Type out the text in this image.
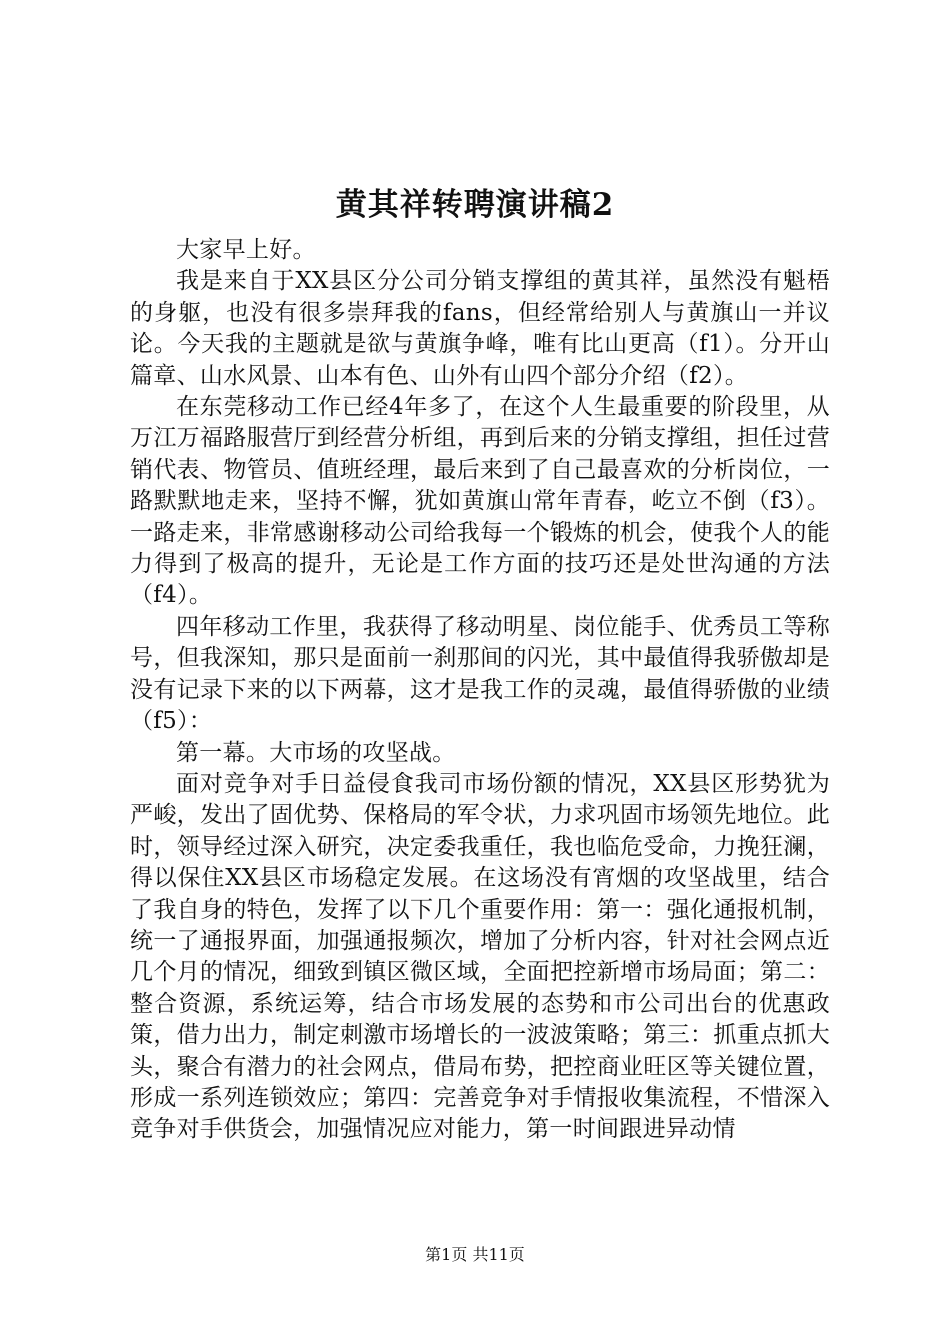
黄其祥转聘演讲稿2

大家早上好。

我是来自于XX县区分公司分销支撑组的黄其祥，虽然没有魁梧的身躯，也没有很多崇拜我的fans，但经常给别人与黄旗山一并议论。今天我的主题就是欲与黄旗争峰，唯有比山更高（f1）。分开山篇章、山水风景、山本有色、山外有山四个部分介绍（f2）。

在东莞移动工作已经4年多了，在这个人生最重要的阶段里，从万江万福路服营厅到经营分析组，再到后来的分销支撑组，担任过营销代表、物管员、值班经理，最后来到了自己最喜欢的分析岗位，一路默默地走来，坚持不懈，犹如黄旗山常年青春，屹立不倒（f3）。一路走来，非常感谢移动公司给我每一个锻炼的机会，使我个人的能力得到了极高的提升，无论是工作方面的技巧还是处世沟通的方法（f4）。

四年移动工作里，我获得了移动明星、岗位能手、优秀员工等称号，但我深知，那只是面前一刹那间的闪光，其中最值得我骄傲却是没有记录下来的以下两幕，这才是我工作的灵魂，最值得骄傲的业绩（f5）：

第一幕。大市场的攻坚战。

面对竞争对手日益侵食我司市场份额的情况，XX县区形势犹为严峻，发出了固优势、保格局的军令状，力求巩固市场领先地位。此时，领导经过深入研究，决定委我重任，我也临危受命，力挽狂澜，得以保住XX县区市场稳定发展。在这场没有宵烟的攻坚战里，结合了我自身的特色，发挥了以下几个重要作用：第一：强化通报机制，统一了通报界面，加强通报频次，增加了分析内容，针对社会网点近几个月的情况，细致到镇区微区域，全面把控新增市场局面；第二：整合资源，系统运筹，结合市场发展的态势和市公司出台的优惠政策，借力出力，制定刺激市场增长的一波波策略；第三：抓重点抓大头，聚合有潜力的社会网点，借局布势，把控商业旺区等关键位置，形成一系列连锁效应；第四：完善竞争对手情报收集流程，不惜深入竞争对手供货会，加强情况应对能力，第一时间跟进异动情

第1页 共11页
